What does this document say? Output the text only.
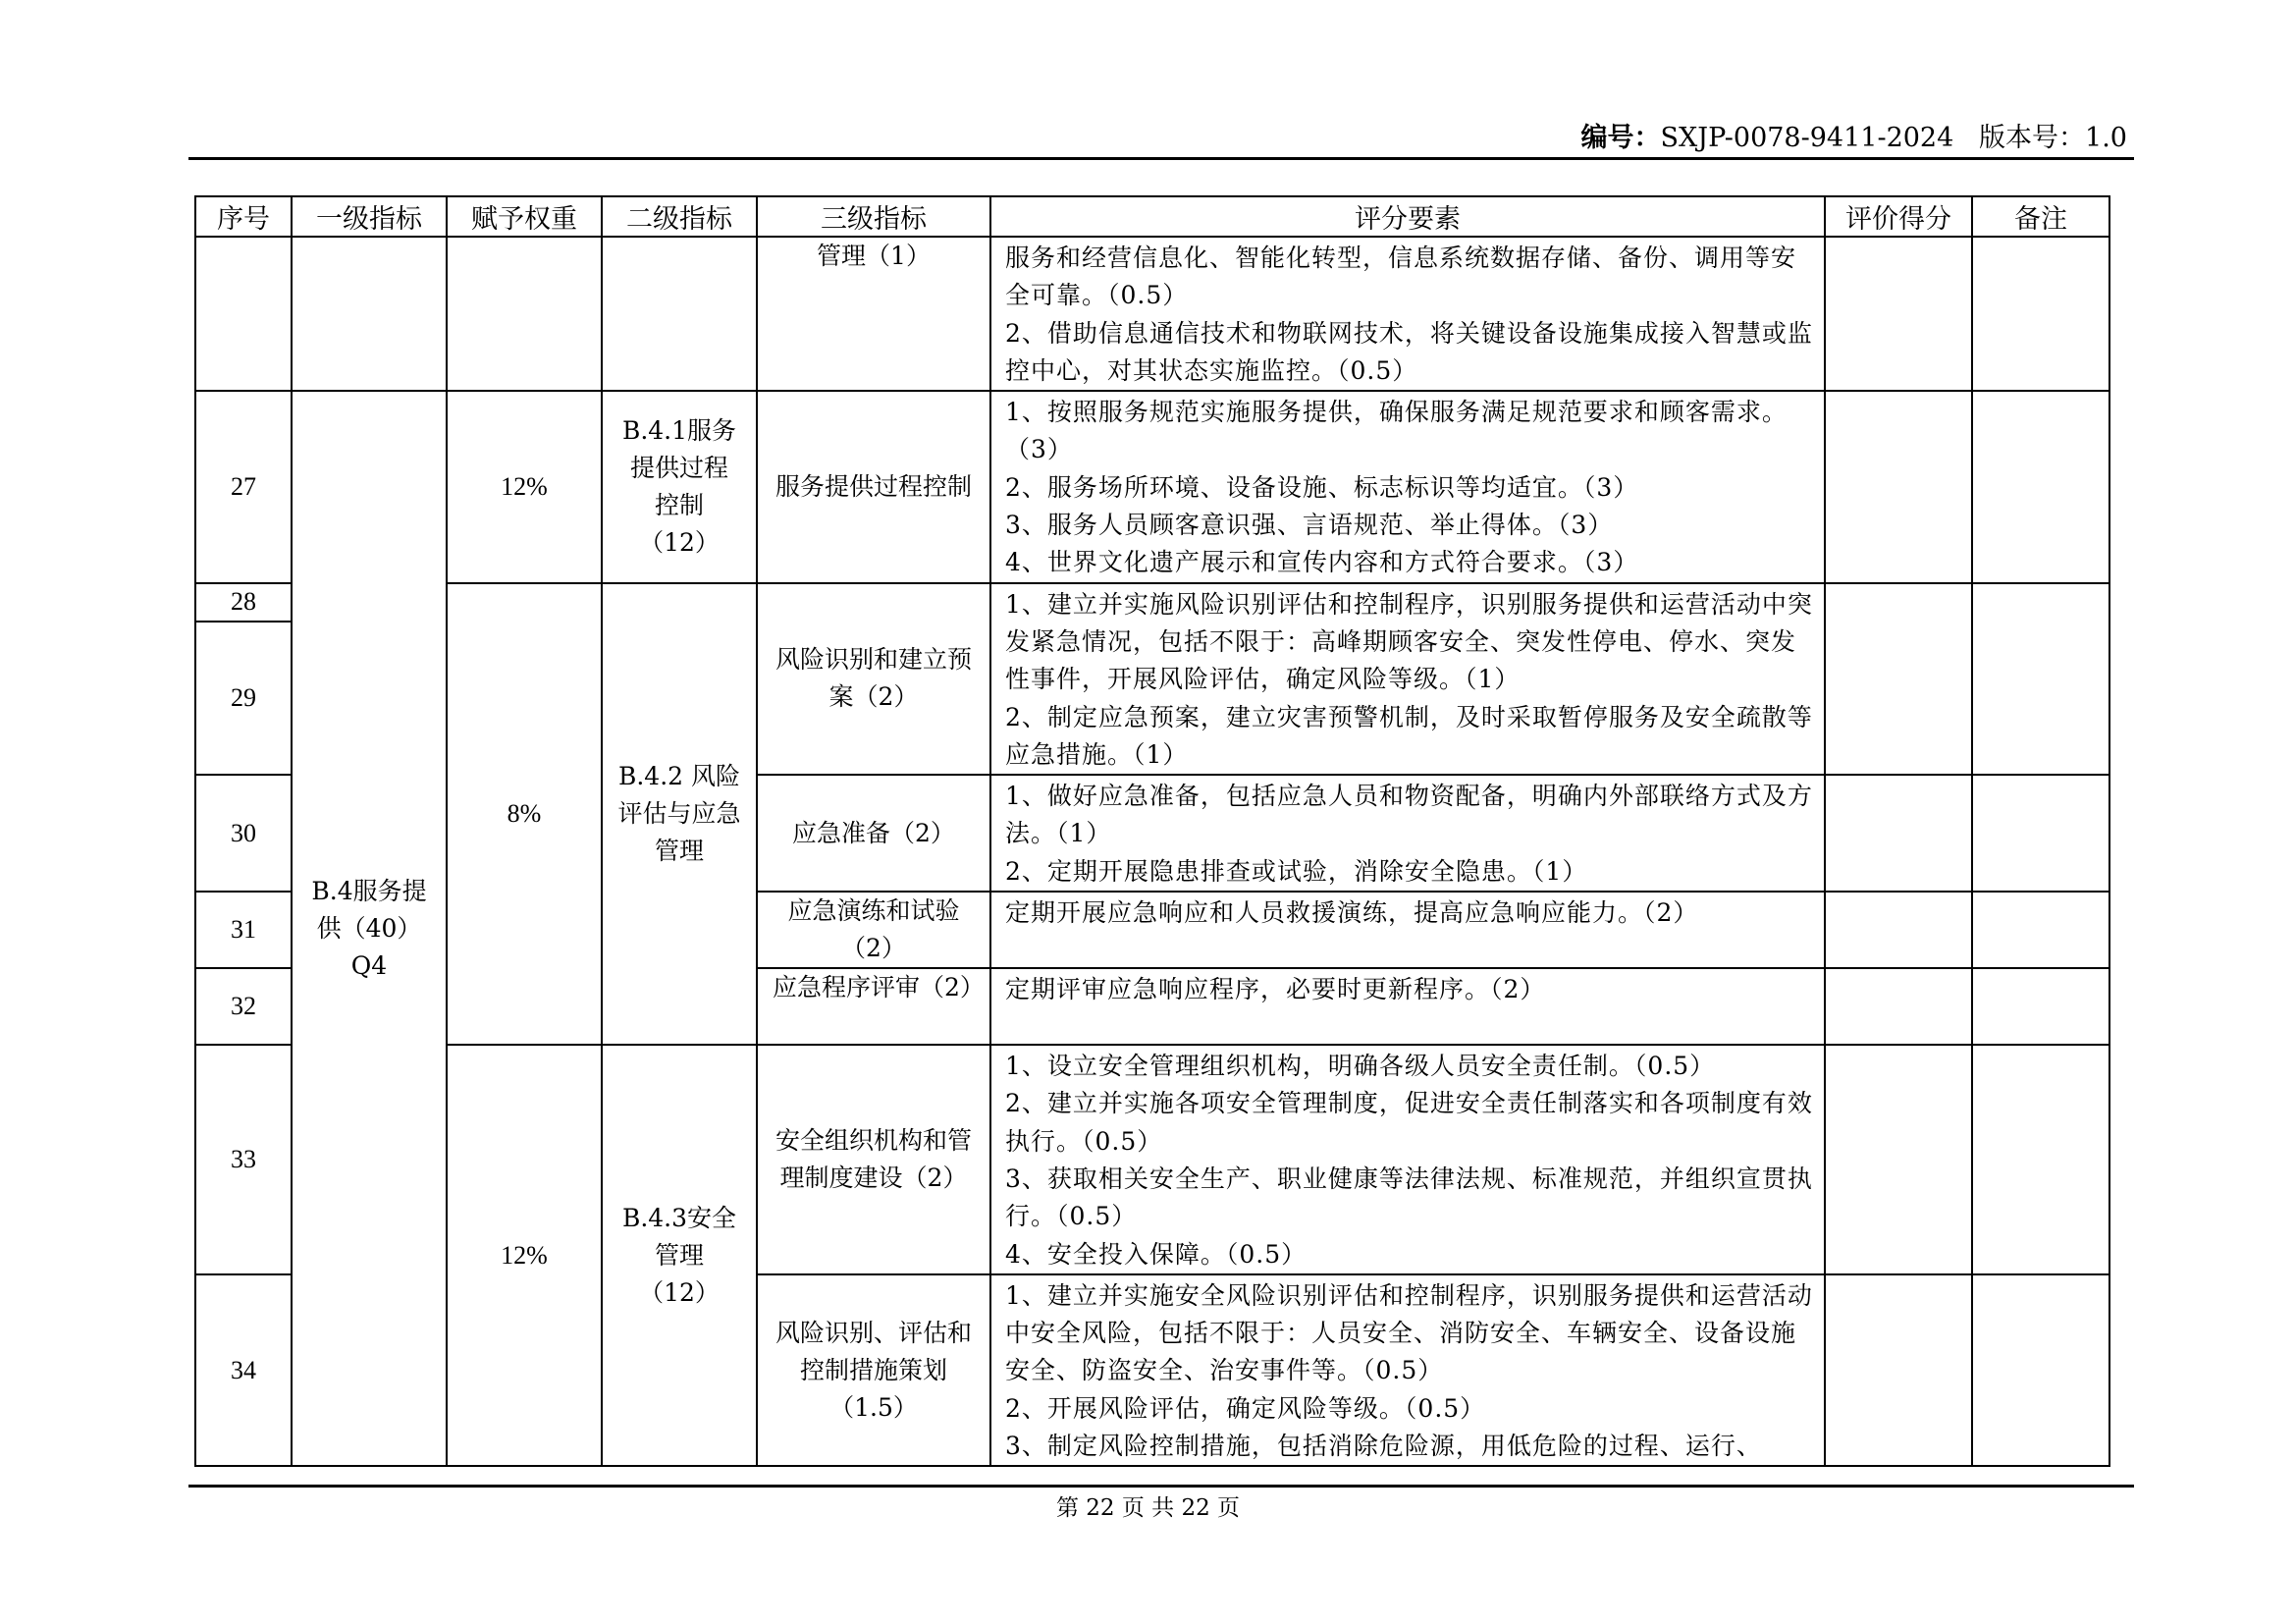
编号：SXJP-0078-9411-2024 版本号：1.0
序号	一级指标	赋予权重	二级指标	三级指标	评分要素	评价得分	备注
				管理（1）	服务和经营信息化、智能化转型，信息系统数据存储、备份、调用等安全可靠。（0.5）
2、借助信息通信技术和物联网技术，将关键设备设施集成接入智慧或监控中心，对其状态实施监控。（0.5）		

27	B.4服务提供（40）Q4	12%	B.4.1服务提供过程控制（12）	服务提供过程控制	1、按照服务规范实施服务提供，确保服务满足规范要求和顾客需求。（3）
2、服务场所环境、设备设施、标志标识等均适宜。（3）
3、服务人员顾客意识强、言语规范、举止得体。（3）
4、世界文化遗产展示和宣传内容和方式符合要求。（3）		

28		8%	B.4.2 风险评估与应急管理	风险识别和建立预案（2）	1、建立并实施风险识别评估和控制程序，识别服务提供和运营活动中突发紧急情况，包括不限于：高峰期顾客安全、突发性停电、停水、突发性事件，开展风险评估，确定风险等级。（1）
2、制定应急预案，建立灾害预警机制，及时采取暂停服务及安全疏散等应急措施。（1）		

29							
30				应急准备（2）	1、做好应急准备，包括应急人员和物资配备，明确内外部联络方式及方法。（1）
2、定期开展隐患排查或试验，消除安全隐患。（1）		

31				应急演练和试验（2）	定期开展应急响应和人员救援演练，提高应急响应能力。（2）		

32				应急程序评审（2）	定期评审应急响应程序，必要时更新程序。（2）		

33		12%	B.4.3安全管理（12）	安全组织机构和管理制度建设（2）	1、设立安全管理组织机构，明确各级人员安全责任制。（0.5）
2、建立并实施各项安全管理制度，促进安全责任制落实和各项制度有效执行。（0.5）
3、获取相关安全生产、职业健康等法律法规、标准规范，并组织宣贯执行。（0.5）
4、安全投入保障。（0.5）		

34				风险识别、评估和控制措施策划（1.5）	1、建立并实施安全风险识别评估和控制程序，识别服务提供和运营活动中安全风险，包括不限于：人员安全、消防安全、车辆安全、设备设施安全、防盗安全、治安事件等。（0.5）
2、开展风险评估，确定风险等级。（0.5）
3、制定风险控制措施，包括消除危险源，用低危险的过程、运行、		

第 22 页 共 22 页
